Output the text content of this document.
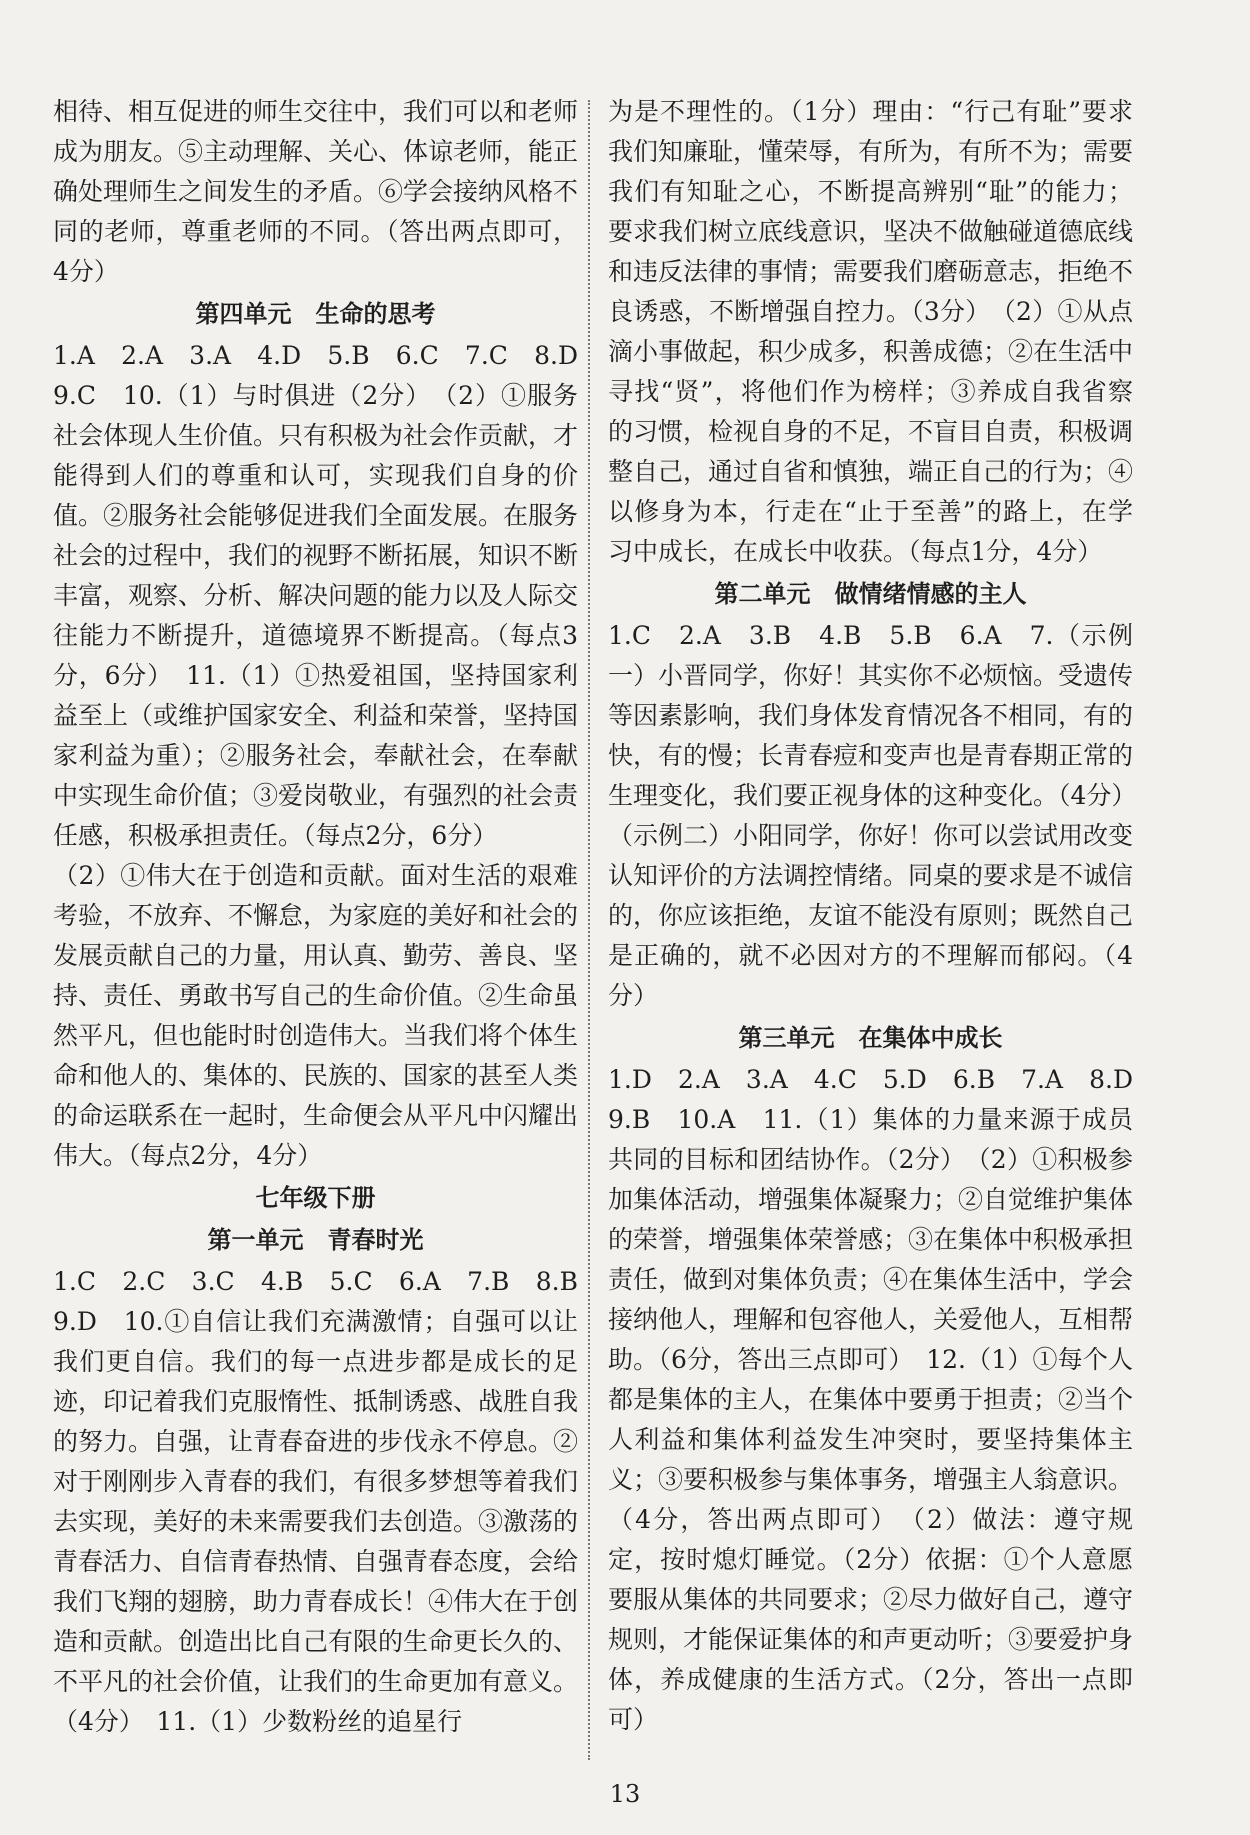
相待、相互促进的师生交往中，我们可以和老师成为朋友。⑤主动理解、关心、体谅老师，能正确处理师生之间发生的矛盾。⑥学会接纳风格不同的老师，尊重老师的不同。（答出两点即可，4分）

第四单元　生命的思考

1.A　2.A　3.A　4.D　5.B　6.C　7.C　8.D　9.C　10.（1）与时俱进（2分）　（2）①服务社会体现人生价值。只有积极为社会作贡献，才能得到人们的尊重和认可，实现我们自身的价值。②服务社会能够促进我们全面发展。在服务社会的过程中，我们的视野不断拓展，知识不断丰富，观察、分析、解决问题的能力以及人际交往能力不断提升，道德境界不断提高。（每点3分，6分）　11.（1）①热爱祖国，坚持国家利益至上（或维护国家安全、利益和荣誉，坚持国家利益为重）；②服务社会，奉献社会，在奉献中实现生命价值；③爱岗敬业，有强烈的社会责任感，积极承担责任。（每点2分，6分）

（2）①伟大在于创造和贡献。面对生活的艰难考验，不放弃、不懈怠，为家庭的美好和社会的发展贡献自己的力量，用认真、勤劳、善良、坚持、责任、勇敢书写自己的生命价值。②生命虽然平凡，但也能时时创造伟大。当我们将个体生命和他人的、集体的、民族的、国家的甚至人类的命运联系在一起时，生命便会从平凡中闪耀出伟大。（每点2分，4分）

七年级下册
第一单元　青春时光

1.C　2.C　3.C　4.B　5.C　6.A　7.B　8.B　9.D　10.①自信让我们充满激情；自强可以让我们更自信。我们的每一点进步都是成长的足迹，印记着我们克服惰性、抵制诱惑、战胜自我的努力。自强，让青春奋进的步伐永不停息。②对于刚刚步入青春的我们，有很多梦想等着我们去实现，美好的未来需要我们去创造。③激荡的青春活力、自信青春热情、自强青春态度，会给我们飞翔的翅膀，助力青春成长！④伟大在于创造和贡献。创造出比自己有限的生命更长久的、不平凡的社会价值，让我们的生命更加有意义。（4分）　11.（1）少数粉丝的追星行

为是不理性的。（1分）理由：“行己有耻”要求我们知廉耻，懂荣辱，有所为，有所不为；需要我们有知耻之心，不断提高辨别“耻”的能力；要求我们树立底线意识，坚决不做触碰道德底线和违反法律的事情；需要我们磨砺意志，拒绝不良诱惑，不断增强自控力。（3分）　（2）①从点滴小事做起，积少成多，积善成德；②在生活中寻找“贤”，将他们作为榜样；③养成自我省察的习惯，检视自身的不足，不盲目自责，积极调整自己，通过自省和慎独，端正自己的行为；④以修身为本，行走在“止于至善”的路上，在学习中成长，在成长中收获。（每点1分，4分）

第二单元　做情绪情感的主人

1.C　2.A　3.B　4.B　5.B　6.A　7.（示例一）小晋同学，你好！其实你不必烦恼。受遗传等因素影响，我们身体发育情况各不相同，有的快，有的慢；长青春痘和变声也是青春期正常的生理变化，我们要正视身体的这种变化。（4分）

（示例二）小阳同学，你好！你可以尝试用改变认知评价的方法调控情绪。同桌的要求是不诚信的，你应该拒绝，友谊不能没有原则；既然自己是正确的，就不必因对方的不理解而郁闷。（4分）

第三单元　在集体中成长

1.D　2.A　3.A　4.C　5.D　6.B　7.A　8.D　9.B　10.A　11.（1）集体的力量来源于成员共同的目标和团结协作。（2分）　（2）①积极参加集体活动，增强集体凝聚力；②自觉维护集体的荣誉，增强集体荣誉感；③在集体中积极承担责任，做到对集体负责；④在集体生活中，学会接纳他人，理解和包容他人，关爱他人，互相帮助。（6分，答出三点即可）　12.（1）①每个人都是集体的主人，在集体中要勇于担责；②当个人利益和集体利益发生冲突时，要坚持集体主义；③要积极参与集体事务，增强主人翁意识。（4分，答出两点即可）　（2）做法：遵守规定，按时熄灯睡觉。（2分）依据：①个人意愿要服从集体的共同要求；②尽力做好自己，遵守规则，才能保证集体的和声更动听；③要爱护身体，养成健康的生活方式。（2分，答出一点即可）

13
